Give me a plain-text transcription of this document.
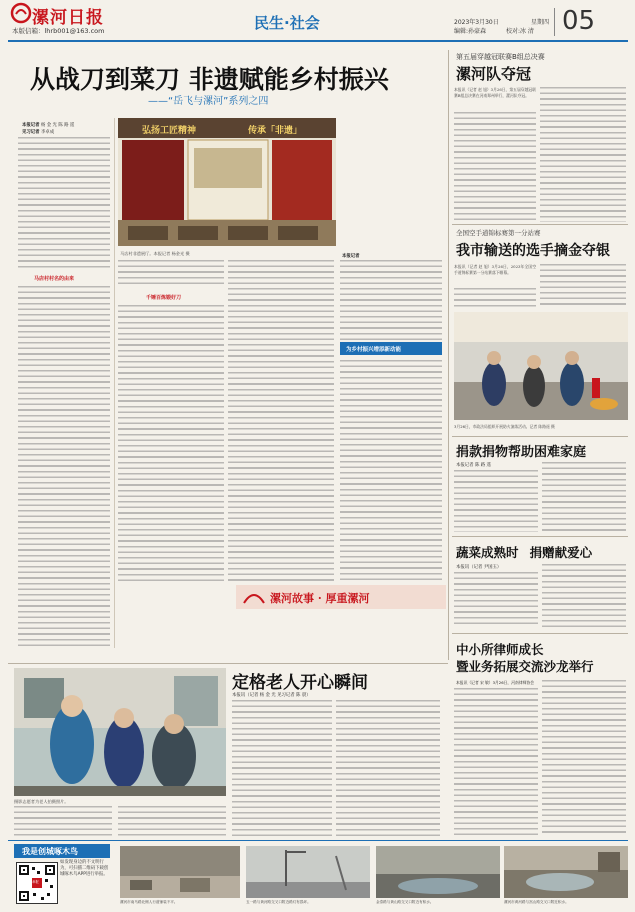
漯河日报
本版信箱：lhrb001@163.com	民生·社会	2023年3月30日	星期四
编辑:孙豪森	校对:冰 清 05
从战刀到菜刀 非遗赋能乡村振兴
——“岳飞与漯河”系列之四
本报记者 杨 金 光 陈 路 遥
见习记者 李卓成
马店村村名的由来
弘扬工匠精神	传承「非遗」
马店村非遗展厅。本报记者 杨金光 摄
千锤百炼锻好刀
本报记者
为乡村振兴增添新动能
漯河故事 · 厚重漯河
定格老人开心瞬间
摄影志愿者为老人拍摄照片。
本报讯（记者 杨 金 光 见习记者 陈 晨）
我是创城啄木鸟
扫码举报
如发现身边的不文明行为，可扫描二维码下载创城啄木鸟APP进行举报。
漯河市南马路北侧人行道铺装不平。	五一路与黄河路交叉口附近路灯有损坏。	金泰路与黄山路交叉口附近有积水。	漯河市黄河路与嵩山路交叉口附近积水。
第五届穿越冠联赛B组总决赛
漯河队夺冠
本报讯（记者 赵 旭）3月26日，第五届穿越冠联赛B组总决赛在河南郑州举行，漯河队夺冠。
全国空手道锦标赛第一分站赛
我市输送的选手摘金夺银
本报讯（记者 赵 旭）3月26日，2023年全国空手道锦标赛第一分站赛落下帷幕。
3月26日，市政法局组织开展防火演练活动。记者 陈路遥 摄
捐款捐物帮助困难家庭
本报记者 陈 路 遥
蔬菜成熟时 捐赠献爱心
本报讯（记者 尹国玉）
中小所律师成长
暨业务拓展交流沙龙举行
本报讯（记者 宋 敏）3月26日，河南律师协会
